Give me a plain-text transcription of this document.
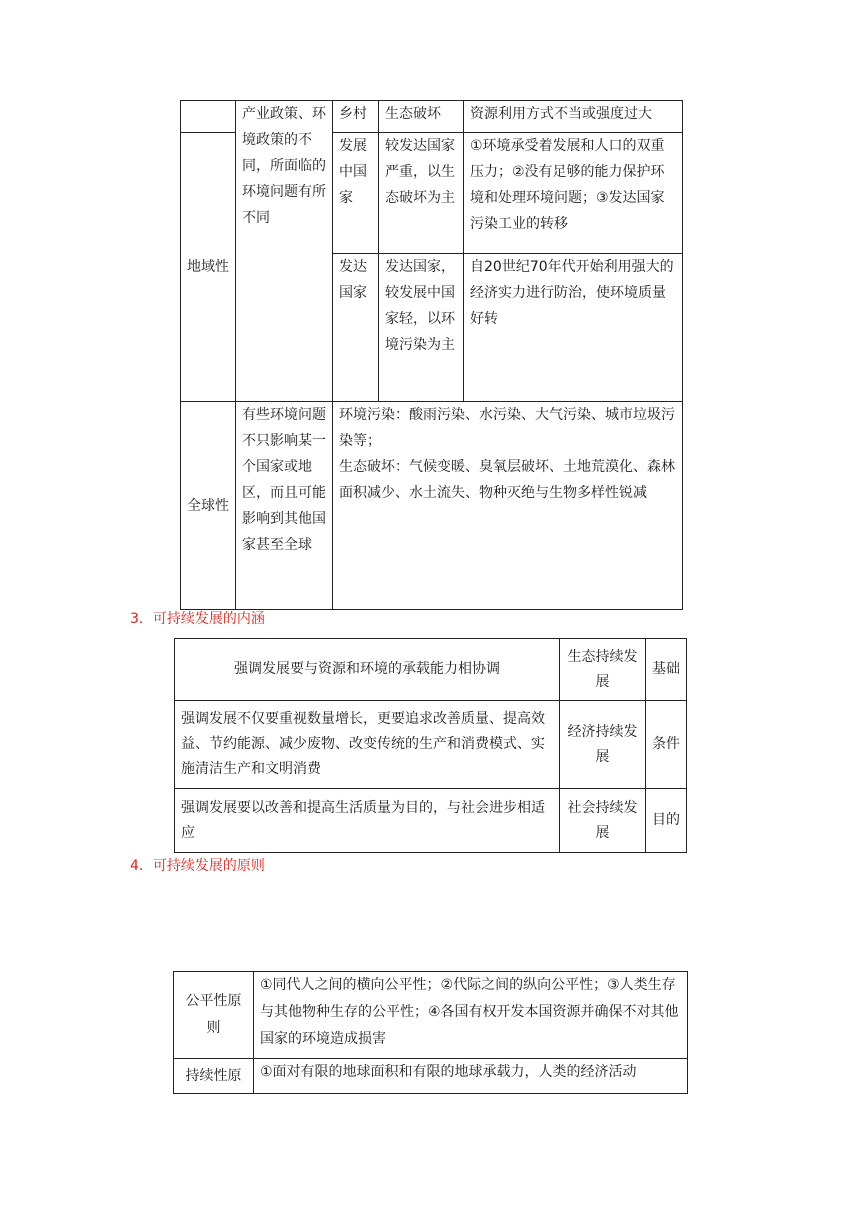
	产业政策、环境政策的不同，所面临的环境问题有所不同	乡村	生态破坏	资源利用方式不当或强度过大
地域性		发展中国家	较发达国家严重，以生态破坏为主	①环境承受着发展和人口的双重压力；②没有足够的能力保护环境和处理环境问题；③发达国家污染工业的转移
		发达国家	发达国家，较发展中国家轻，以环境污染为主	自20世纪70年代开始利用强大的经济实力进行防治，使环境质量好转
全球性	有些环境问题不只影响某一个国家或地区，而且可能影响到其他国家甚至全球	环境污染：酸雨污染、水污染、大气污染、城市垃圾污染等；
生态破坏：气候变暖、臭氧层破坏、土地荒漠化、森林面积减少、水土流失、物种灭绝与生物多样性锐减		
3．可持续发展的内涵
强调发展要与资源和环境的承载能力相协调	生态持续发展	基础
强调发展不仅要重视数量增长，更要追求改善质量、提高效益、节约能源、减少废物、改变传统的生产和消费模式、实施清洁生产和文明消费	经济持续发展	条件
强调发展要以改善和提高生活质量为目的，与社会进步相适应	社会持续发展	目的
4．可持续发展的原则
公平性原则	①同代人之间的横向公平性；②代际之间的纵向公平性；③人类生存与其他物种生存的公平性；④各国有权开发本国资源并确保不对其他国家的环境造成损害
持续性原	①面对有限的地球面积和有限的地球承载力，人类的经济活动
